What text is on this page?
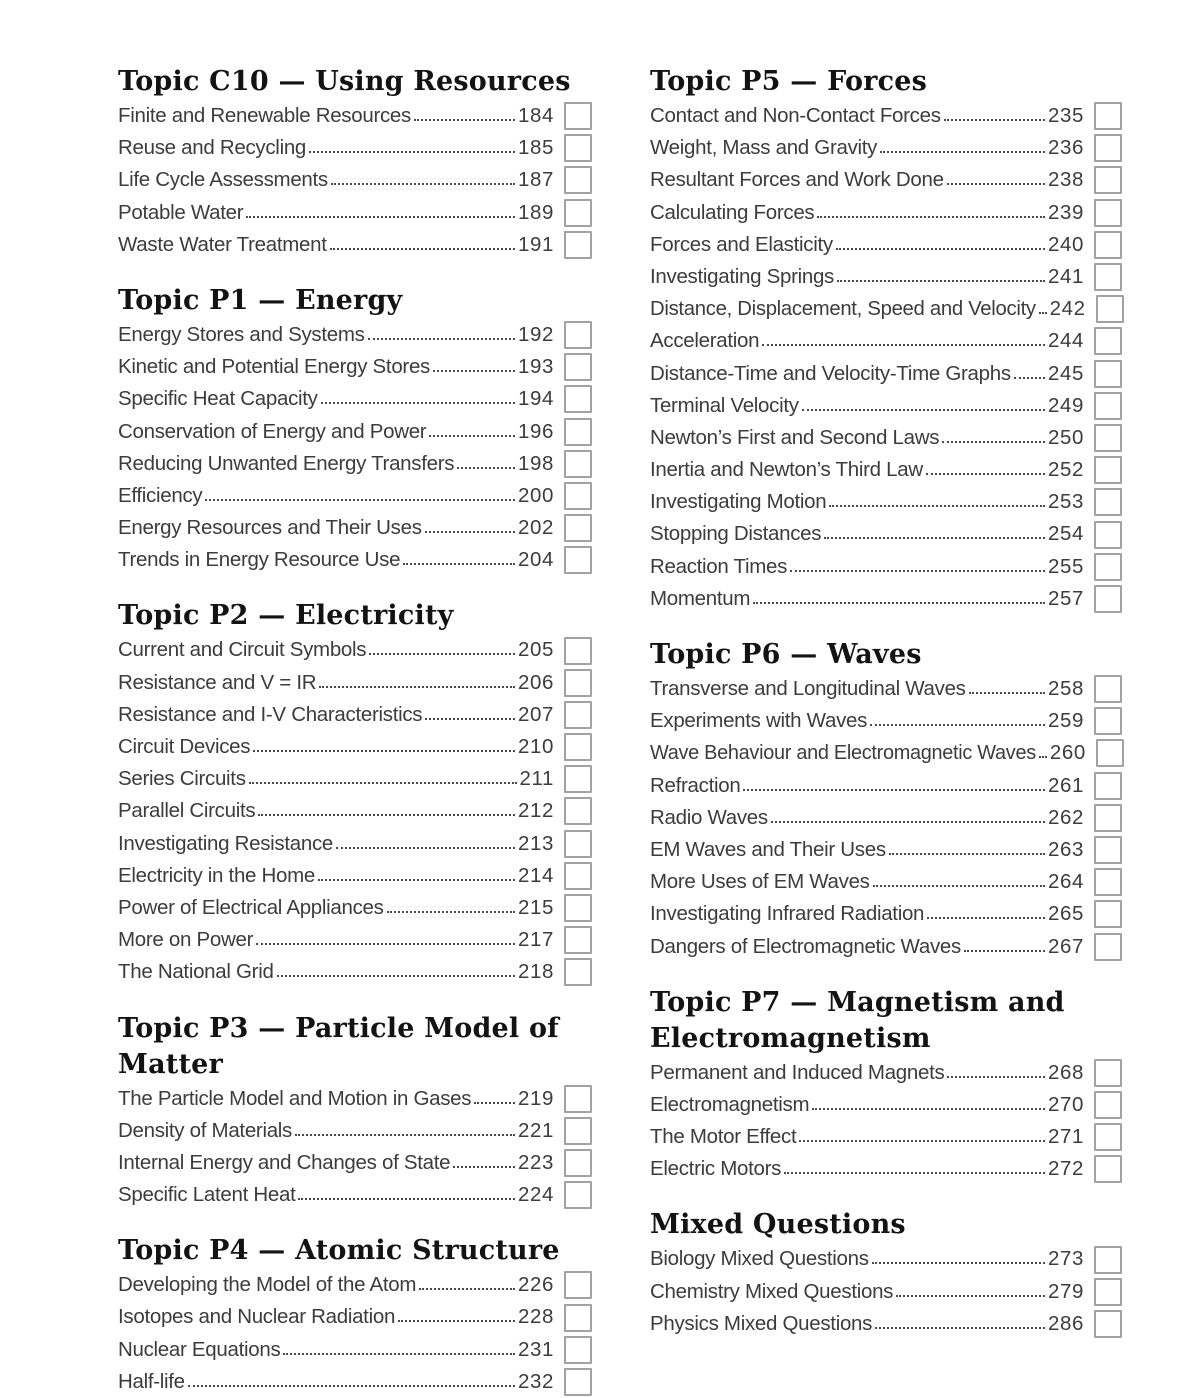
Topic C10 — Using Resources
Finite and Renewable Resources	184
Reuse and Recycling	185
Life Cycle Assessments	187
Potable Water	189
Waste Water Treatment	191
Topic P1 — Energy
Energy Stores and Systems	192
Kinetic and Potential Energy Stores	193
Specific Heat Capacity	194
Conservation of Energy and Power	196
Reducing Unwanted Energy Transfers	198
Efficiency	200
Energy Resources and Their Uses	202
Trends in Energy Resource Use	204
Topic P2 — Electricity
Current and Circuit Symbols	205
Resistance and V = IR	206
Resistance and I-V Characteristics	207
Circuit Devices	210
Series Circuits	211
Parallel Circuits	212
Investigating Resistance	213
Electricity in the Home	214
Power of Electrical Appliances	215
More on Power	217
The National Grid	218
Topic P3 — Particle Model of Matter
The Particle Model and Motion in Gases 219
Density of Materials	221
Internal Energy and Changes of State	223
Specific Latent Heat	224
Topic P4 — Atomic Structure
Developing the Model of the Atom	226
Isotopes and Nuclear Radiation	228
Nuclear Equations	231
Half-life	232
Topic P5 — Forces
Contact and Non-Contact Forces	235
Weight, Mass and Gravity	236
Resultant Forces and Work Done	238
Calculating Forces	239
Forces and Elasticity	240
Investigating Springs	241
Distance, Displacement, Speed and Velocity 242
Acceleration	244
Distance-Time and Velocity-Time Graphs 245
Terminal Velocity	249
Newton’s First and Second Laws	250
Inertia and Newton’s Third Law	252
Investigating Motion	253
Stopping Distances	254
Reaction Times	255
Momentum	257
Topic P6 — Waves
Transverse and Longitudinal Waves	258
Experiments with Waves	259
Wave Behaviour and Electromagnetic Waves 260
Refraction	261
Radio Waves	262
EM Waves and Their Uses	263
More Uses of EM Waves	264
Investigating Infrared Radiation	265
Dangers of Electromagnetic Waves	267
Topic P7 — Magnetism and Electromagnetism
Permanent and Induced Magnets	268
Electromagnetism	270
The Motor Effect	271
Electric Motors	272
Mixed Questions
Biology Mixed Questions	273
Chemistry Mixed Questions	279
Physics Mixed Questions	286
